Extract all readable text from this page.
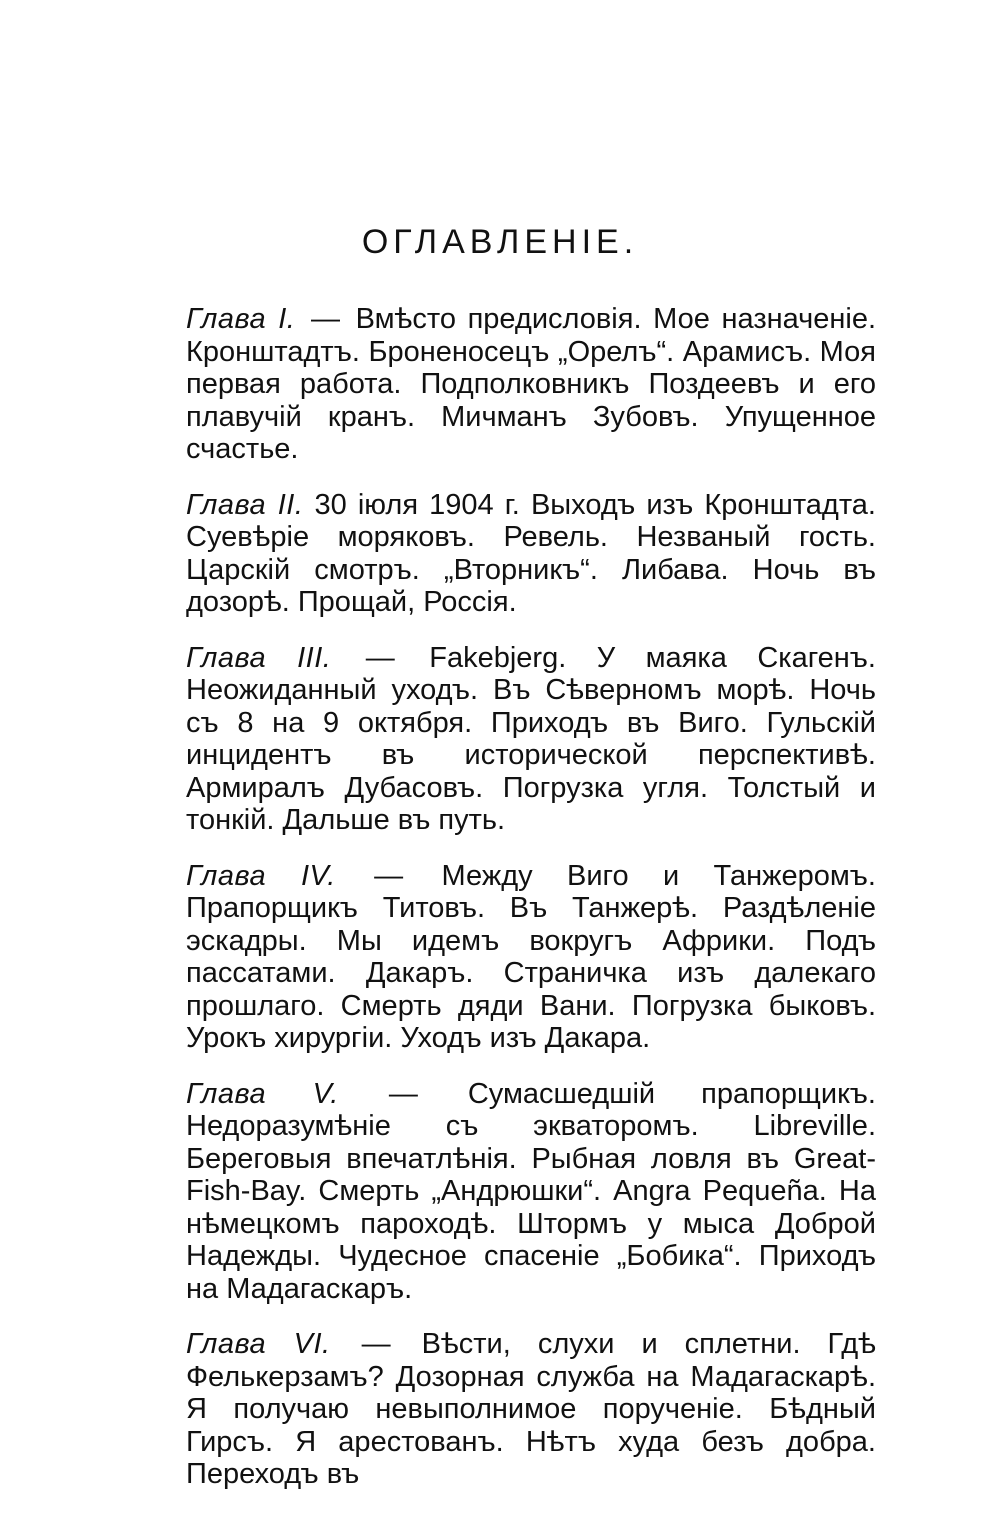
ОГЛАВЛЕНІЕ.

Глава I. — Вмѣсто предисловія. Мое назначеніе. Кронштадтъ. Броненосецъ „Орелъ“. Арамисъ. Моя первая работа. Подполковникъ Поздеевъ и его плавучій кранъ. Мичманъ Зубовъ. Упущенное счастье.

Глава II. 30 іюля 1904 г. Выходъ изъ Кронштадта. Суевѣріе моряковъ. Ревель. Незваный гость. Царскій смотръ. „Вторникъ“. Либава. Ночь въ дозорѣ. Прощай, Россія.

Глава III. — Fakebjerg. У маяка Скагенъ. Неожиданный уходъ. Въ Сѣверномъ морѣ. Ночь съ 8 на 9 октября. Приходъ въ Виго. Гульскій инцидентъ въ исторической перспективѣ. Армиралъ Дубасовъ. Погрузка угля. Толстый и тонкій. Дальше въ путь.

Глава IV. — Между Виго и Танжеромъ. Прапорщикъ Титовъ. Въ Танжерѣ. Раздѣленіе эскадры. Мы идемъ вокругъ Африки. Подъ пассатами. Дакаръ. Страничка изъ далекаго прошлаго. Смерть дяди Вани. Погрузка быковъ. Урокъ хирургіи. Уходъ изъ Дакара.

Глава V. — Сумасшедшій прапорщикъ. Недоразумѣніе съ экваторомъ. Libreville. Береговыя впечатлѣнія. Рыбная ловля въ Great-Fish-Bay. Смерть „Андрюшки“. Angra Pequeña. На нѣмецкомъ пароходѣ. Штормъ у мыса Доброй Надежды. Чудесное спасеніе „Бобика“. Приходъ на Мадагаскаръ.

Глава VI. — Вѣсти, слухи и сплетни. Гдѣ Фелькерзамъ? Дозорная служба на Мадагаскарѣ. Я получаю невыполнимое порученіе. Бѣдный Гирсъ. Я арестованъ. Нѣтъ худа безъ добра. Переходъ въ
